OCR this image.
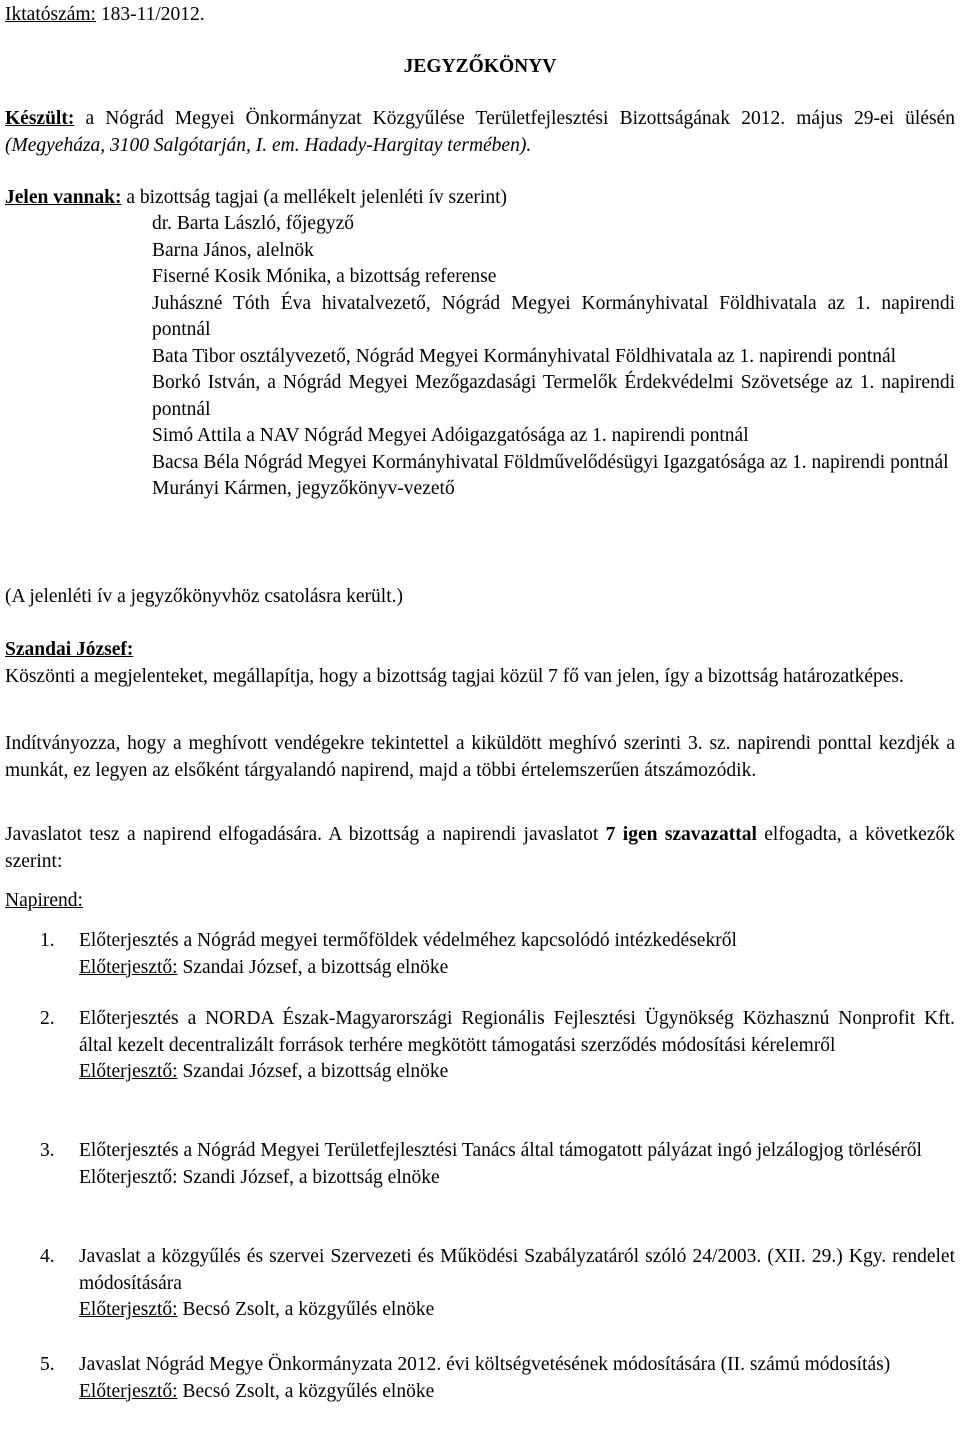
Iktatószám: 183-11/2012.
JEGYZŐKÖNYV
Készült: a Nógrád Megyei Önkormányzat Közgyűlése Területfejlesztési Bizottságának 2012. május 29-ei ülésén (Megyeháza, 3100 Salgótarján, I. em. Hadady-Hargitay termében).
Jelen vannak: a bizottság tagjai (a mellékelt jelenléti ív szerint)
dr. Barta László, főjegyző
Barna János, alelnök
Fiserné Kosik Mónika, a bizottság referense
Juhászné Tóth Éva hivatalvezető, Nógrád Megyei Kormányhivatal Földhivatala az 1. napirendi pontnál
Bata Tibor osztályvezető, Nógrád Megyei Kormányhivatal Földhivatala az 1. napirendi pontnál
Borkó István, a Nógrád Megyei Mezőgazdasági Termelők Érdekvédelmi Szövetsége az 1. napirendi pontnál
Simó Attila a NAV Nógrád Megyei Adóigazgatósága az 1. napirendi pontnál
Bacsa Béla Nógrád Megyei Kormányhivatal Földművelődésügyi Igazgatósága az 1. napirendi pontnál
Murányi Kármen, jegyzőkönyv-vezető
(A jelenléti ív a jegyzőkönyvhöz csatolásra került.)
Szandai József:
Köszönti a megjelenteket, megállapítja, hogy a bizottság tagjai közül 7 fő van jelen, így a bizottság határozatképes.
Indítványozza, hogy a meghívott vendégekre tekintettel a kiküldött meghívó szerinti 3. sz. napirendi ponttal kezdjék a munkát, ez legyen az elsőként tárgyalandó napirend, majd a többi értelemszerűen átszámozódik.
Javaslatot tesz a napirend elfogadására. A bizottság a napirendi javaslatot 7 igen szavazattal elfogadta, a következők szerint:
Napirend:
1. Előterjesztés a Nógrád megyei termőföldek védelméhez kapcsolódó intézkedésekről
Előterjesztő: Szandai József, a bizottság elnöke
2. Előterjesztés a NORDA Észak-Magyarországi Regionális Fejlesztési Ügynökség Közhasznú Nonprofit Kft. által kezelt decentralizált források terhére megkötött támogatási szerződés módosítási kérelemről
Előterjesztő: Szandai József, a bizottság elnöke
3. Előterjesztés a Nógrád Megyei Területfejlesztési Tanács által támogatott pályázat ingó jelzálogjog törléséről
Előterjesztő: Szandi József, a bizottság elnöke
4. Javaslat a közgyűlés és szervei Szervezeti és Működési Szabályzatáról szóló 24/2003. (XII. 29.) Kgy. rendelet módosítására
Előterjesztő: Becsó Zsolt, a közgyűlés elnöke
5. Javaslat Nógrád Megye Önkormányzata 2012. évi költségvetésének módosítására (II. számú módosítás)
Előterjesztő: Becsó Zsolt, a közgyűlés elnöke
